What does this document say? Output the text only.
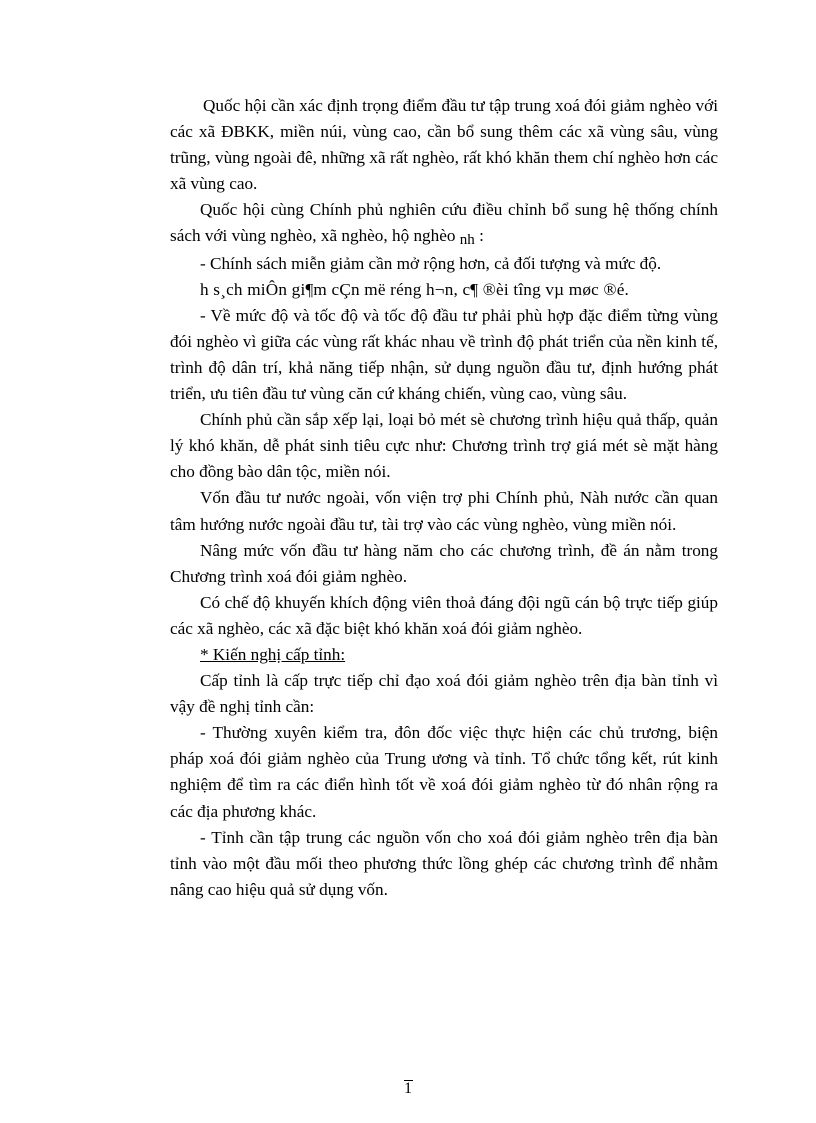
Quốc hội cần xác định trọng điểm đầu tư tập trung xoá đói giảm nghèo với các xã ĐBKK, miền núi, vùng cao, cần bổ sung thêm các xã vùng sâu, vùng trũng, vùng ngoài đê, những xã rất nghèo, rất khó khăn them chí nghèo hơn các xã vùng cao.

Quốc hội cùng Chính phủ nghiên cứu điều chỉnh bổ sung hệ thống chính sách với vùng nghèo, xã nghèo, hộ nghèo nh :

- Chính sách miễn giảm cần mở rộng hơn, cả đối tượng và mức độ.

h s¸ch miÔn gi¶m cÇn më réng h¬n, c¶ ®èi tîng vµ møc ®é.

- Về mức độ và tốc độ và tốc độ đầu tư phải phù hợp đặc điểm từng vùng đói nghèo vì giữa các vùng rất khác nhau về trình độ phát triển của nền kinh tế, trình độ dân trí, khả năng tiếp nhận, sử dụng nguồn đầu tư, định hướng phát triển, ưu tiên đầu tư vùng căn cứ kháng chiến, vùng cao, vùng sâu.

Chính phủ cần sắp xếp lại, loại bỏ mét sè chương trình hiệu quả thấp, quản lý khó khăn, dễ phát sinh tiêu cực như: Chương trình trợ giá mét sè mặt hàng cho đồng bào dân tộc, miền nói.

Vốn đầu tư nước ngoài, vốn viện trợ phi Chính phủ, Nàh nước cần quan tâm hướng nước ngoài đầu tư, tài trợ vào các vùng nghèo, vùng miền nói.

Nâng mức vốn đầu tư hàng năm cho các chương trình, đề án nằm trong Chương trình xoá đói giảm nghèo.

Có chế độ khuyến khích động viên thoả đáng đội ngũ cán bộ trực tiếp giúp các xã nghèo, các xã đặc biệt khó khăn xoá đói giảm nghèo.

* Kiến nghị cấp tỉnh:

Cấp tỉnh là cấp trực tiếp chỉ đạo xoá đói giảm nghèo trên địa bàn tỉnh vì vậy đề nghị tỉnh cần:

- Thường xuyên kiểm tra, đôn đốc việc thực hiện các chủ trương, biện pháp xoá đói giảm nghèo của Trung ương và tỉnh. Tổ chức tổng kết, rút kinh nghiệm để tìm ra các điển hình tốt về xoá đói giảm nghèo từ đó nhân rộng ra các địa phương khác.

- Tỉnh cần tập trung các nguồn vốn cho xoá đói giảm nghèo trên địa bàn tỉnh vào một đầu mối theo phương thức lồng ghép các chương trình để nhằm nâng cao hiệu quả sử dụng vốn.

1
